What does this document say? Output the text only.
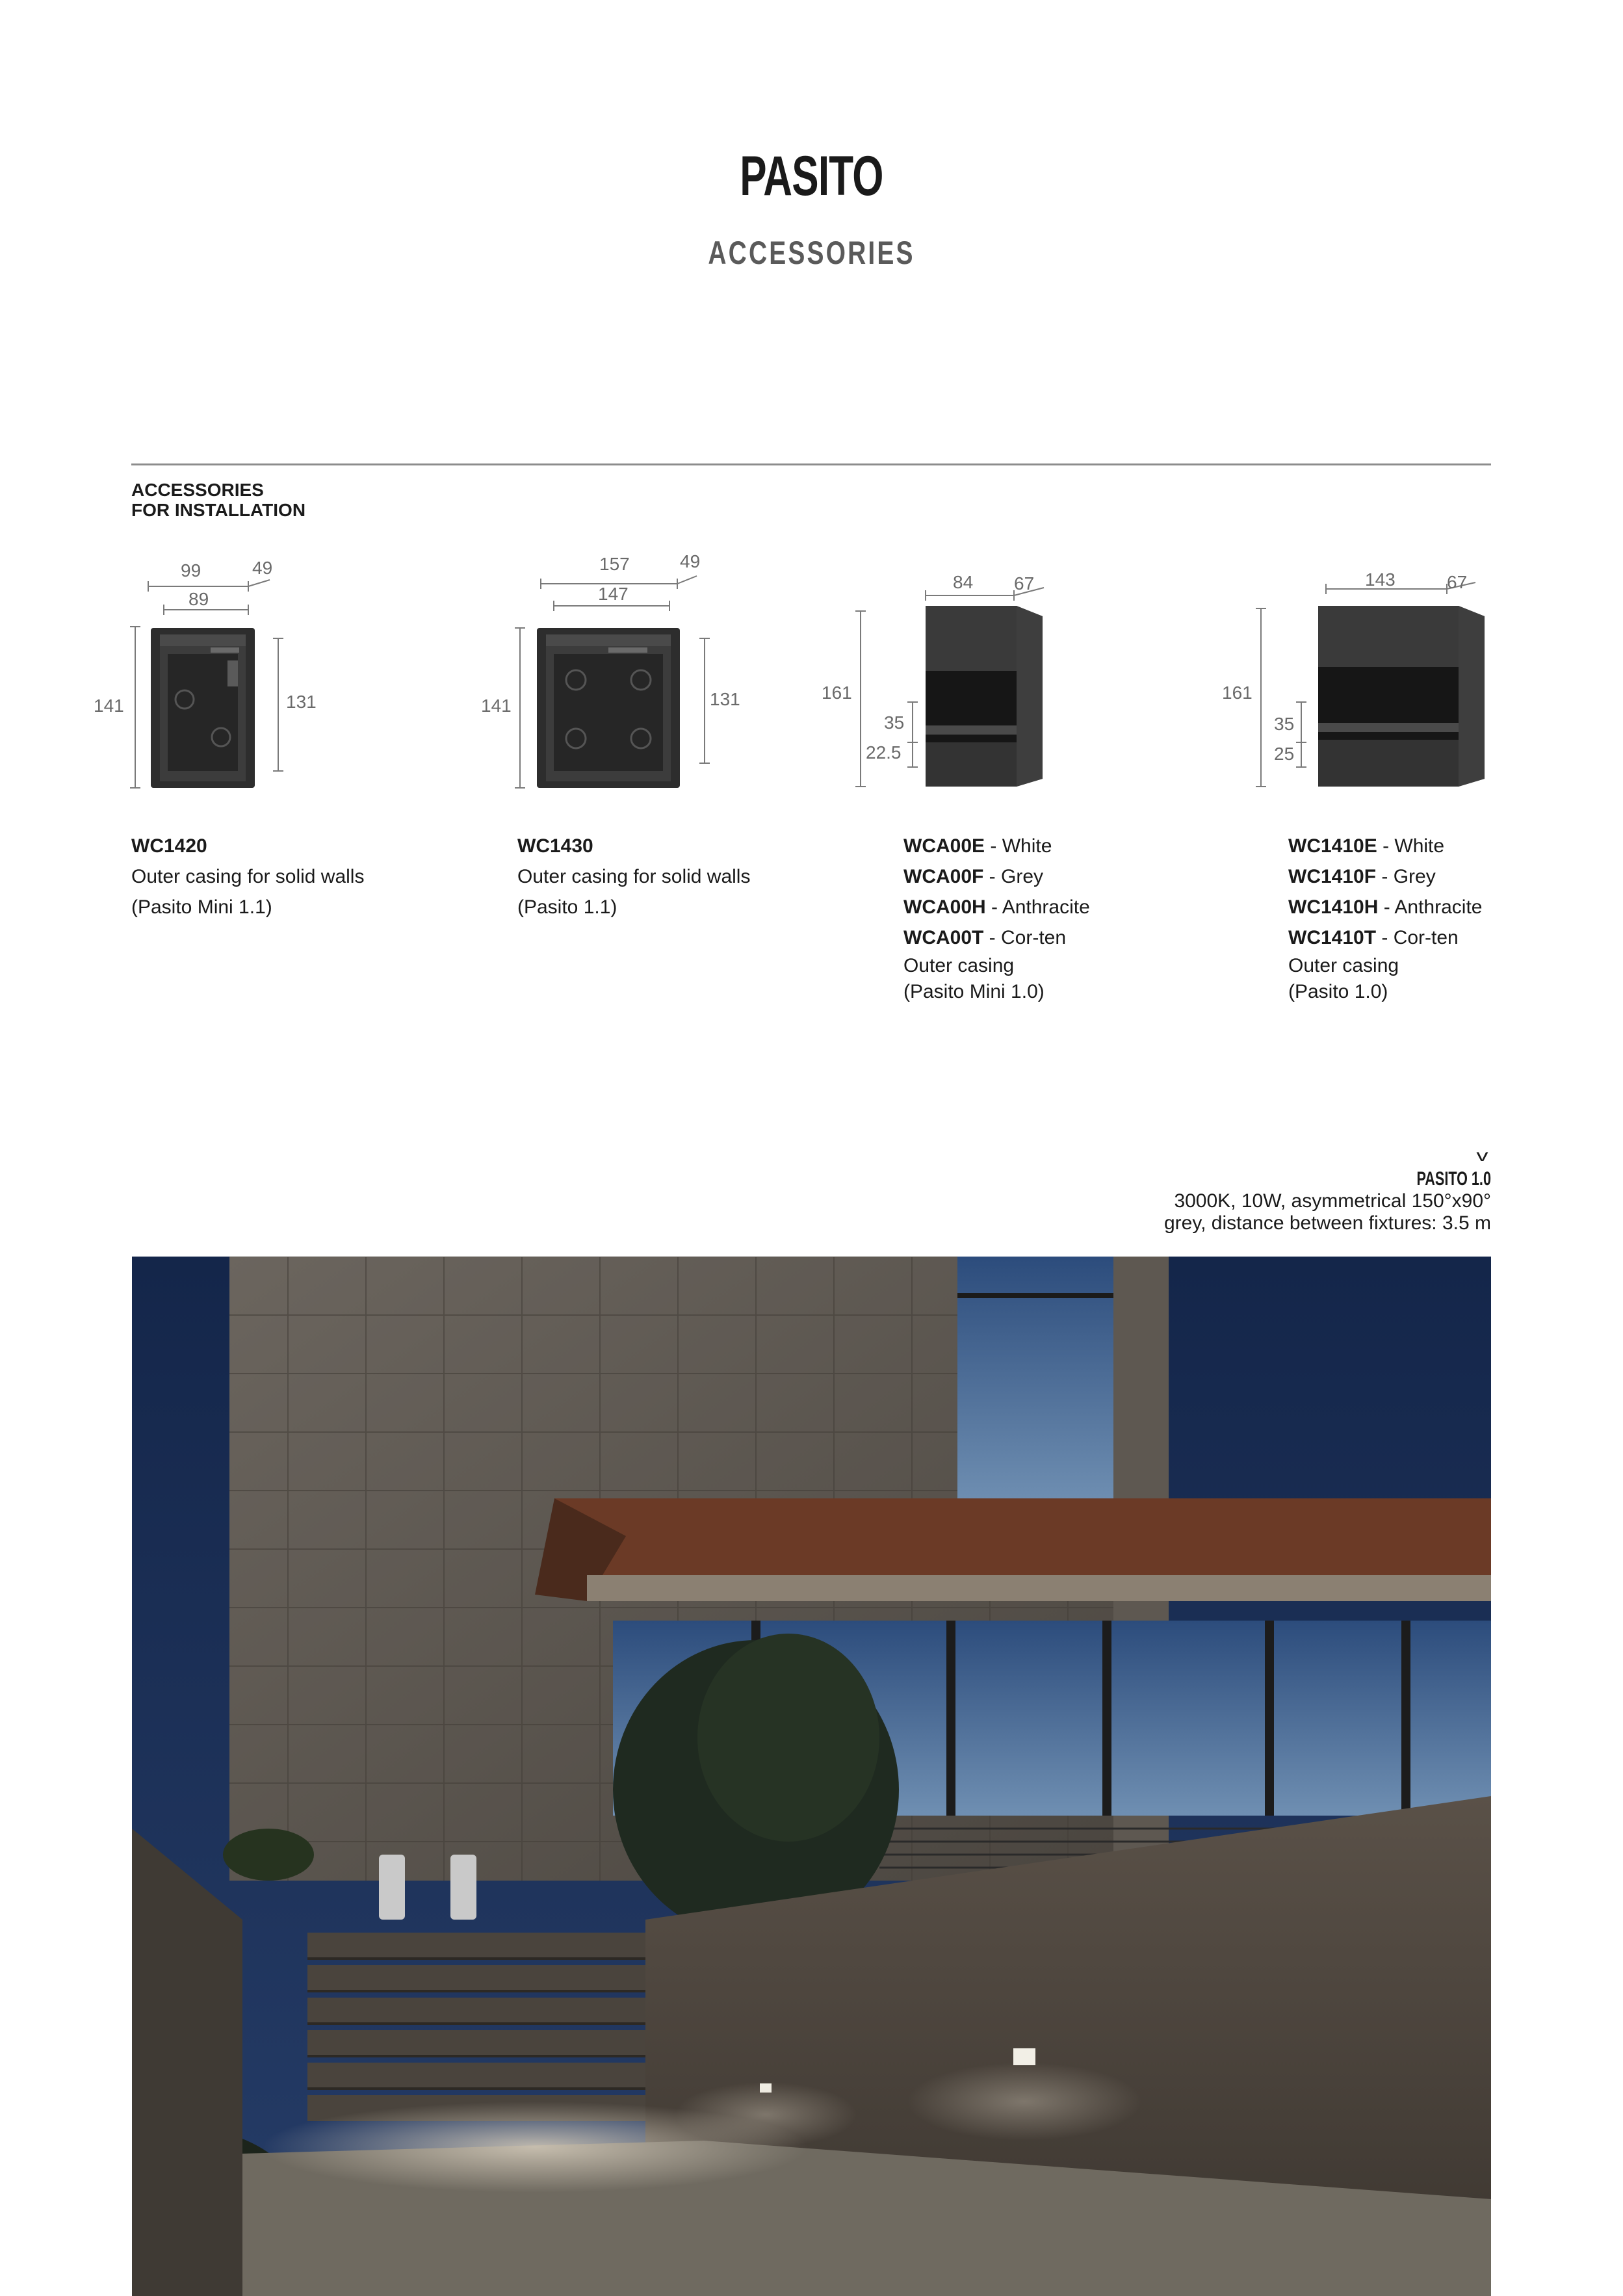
PASITO
ACCESSORIES
ACCESSORIES
FOR INSTALLATION
99	49
89
141	131
157	49
147
141	131
84 67
161
35
22.5
143	67
161
35
25
WC1420
Outer casing for solid walls
(Pasito Mini 1.1)
WC1430
Outer casing for solid walls
(Pasito 1.1)
WCA00E - White
WCA00F - Grey
WCA00H - Anthracite
WCA00T - Cor-ten
Outer casing
(Pasito Mini 1.0)
WC1410E - White
WC1410F - Grey
WC1410H - Anthracite
WC1410T - Cor-ten
Outer casing
(Pasito 1.0)
v
PASITO 1.0
3000K, 10W, asymmetrical 150°x90°
grey, distance between fixtures: 3.5 m
